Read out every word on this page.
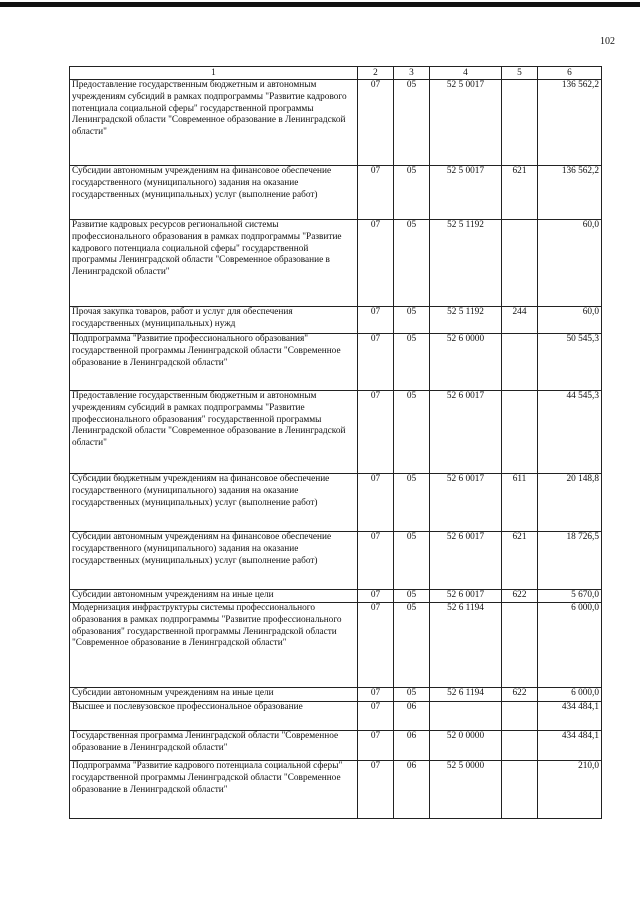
102
1	2	3	4	5	6
Предоставление государственным бюджетным и автономным учреждениям субсидий в рамках подпрограммы "Развитие кадрового потенциала социальной сферы" государственной программы Ленинградской области "Современное образование в Ленинградской области"	07	05	52 5 0017		136 562,2
Субсидии автономным учреждениям на финансовое обеспечение государственного (муниципального) задания на оказание государственных (муниципальных) услуг (выполнение работ)	07	05	52 5 0017	621	136 562,2
Развитие кадровых ресурсов региональной системы профессионального образования в рамках подпрограммы "Развитие кадрового потенциала социальной сферы" государственной программы Ленинградской области "Современное образование в Ленинградской области"	07	05	52 5 1192		60,0
Прочая закупка товаров, работ и услуг для обеспечения государственных (муниципальных) нужд	07	05	52 5 1192	244	60,0
Подпрограмма "Развитие профессионального образования" государственной программы Ленинградской области "Современное образование в Ленинградской области"	07	05	52 6 0000		50 545,3
Предоставление государственным бюджетным и автономным учреждениям субсидий в рамках подпрограммы "Развитие профессионального образования" государственной программы Ленинградской области "Современное образование в Ленинградской области"	07	05	52 6 0017		44 545,3
Субсидии бюджетным учреждениям на финансовое обеспечение государственного (муниципального) задания на оказание государственных (муниципальных) услуг (выполнение работ)	07	05	52 6 0017	611	20 148,8
Субсидии автономным учреждениям на финансовое обеспечение государственного (муниципального) задания на оказание государственных (муниципальных) услуг (выполнение работ)	07	05	52 6 0017	621	18 726,5
Субсидии автономным учреждениям на иные цели	07	05	52 6 0017	622	5 670,0
Модернизация инфраструктуры системы профессионального образования в рамках подпрограммы "Развитие профессионального образования" государственной программы Ленинградской области "Современное образование в Ленинградской области"	07	05	52 6 1194		6 000,0
Субсидии автономным учреждениям на иные цели	07	05	52 6 1194	622	6 000,0
Высшее и послевузовское профессиональное образование	07	06			434 484,1
Государственная программа Ленинградской области "Современное образование в Ленинградской области"	07	06	52 0 0000		434 484,1
Подпрограмма "Развитие кадрового потенциала социальной сферы" государственной программы Ленинградской области "Современное образование в Ленинградской области"	07	06	52 5 0000		210,0
